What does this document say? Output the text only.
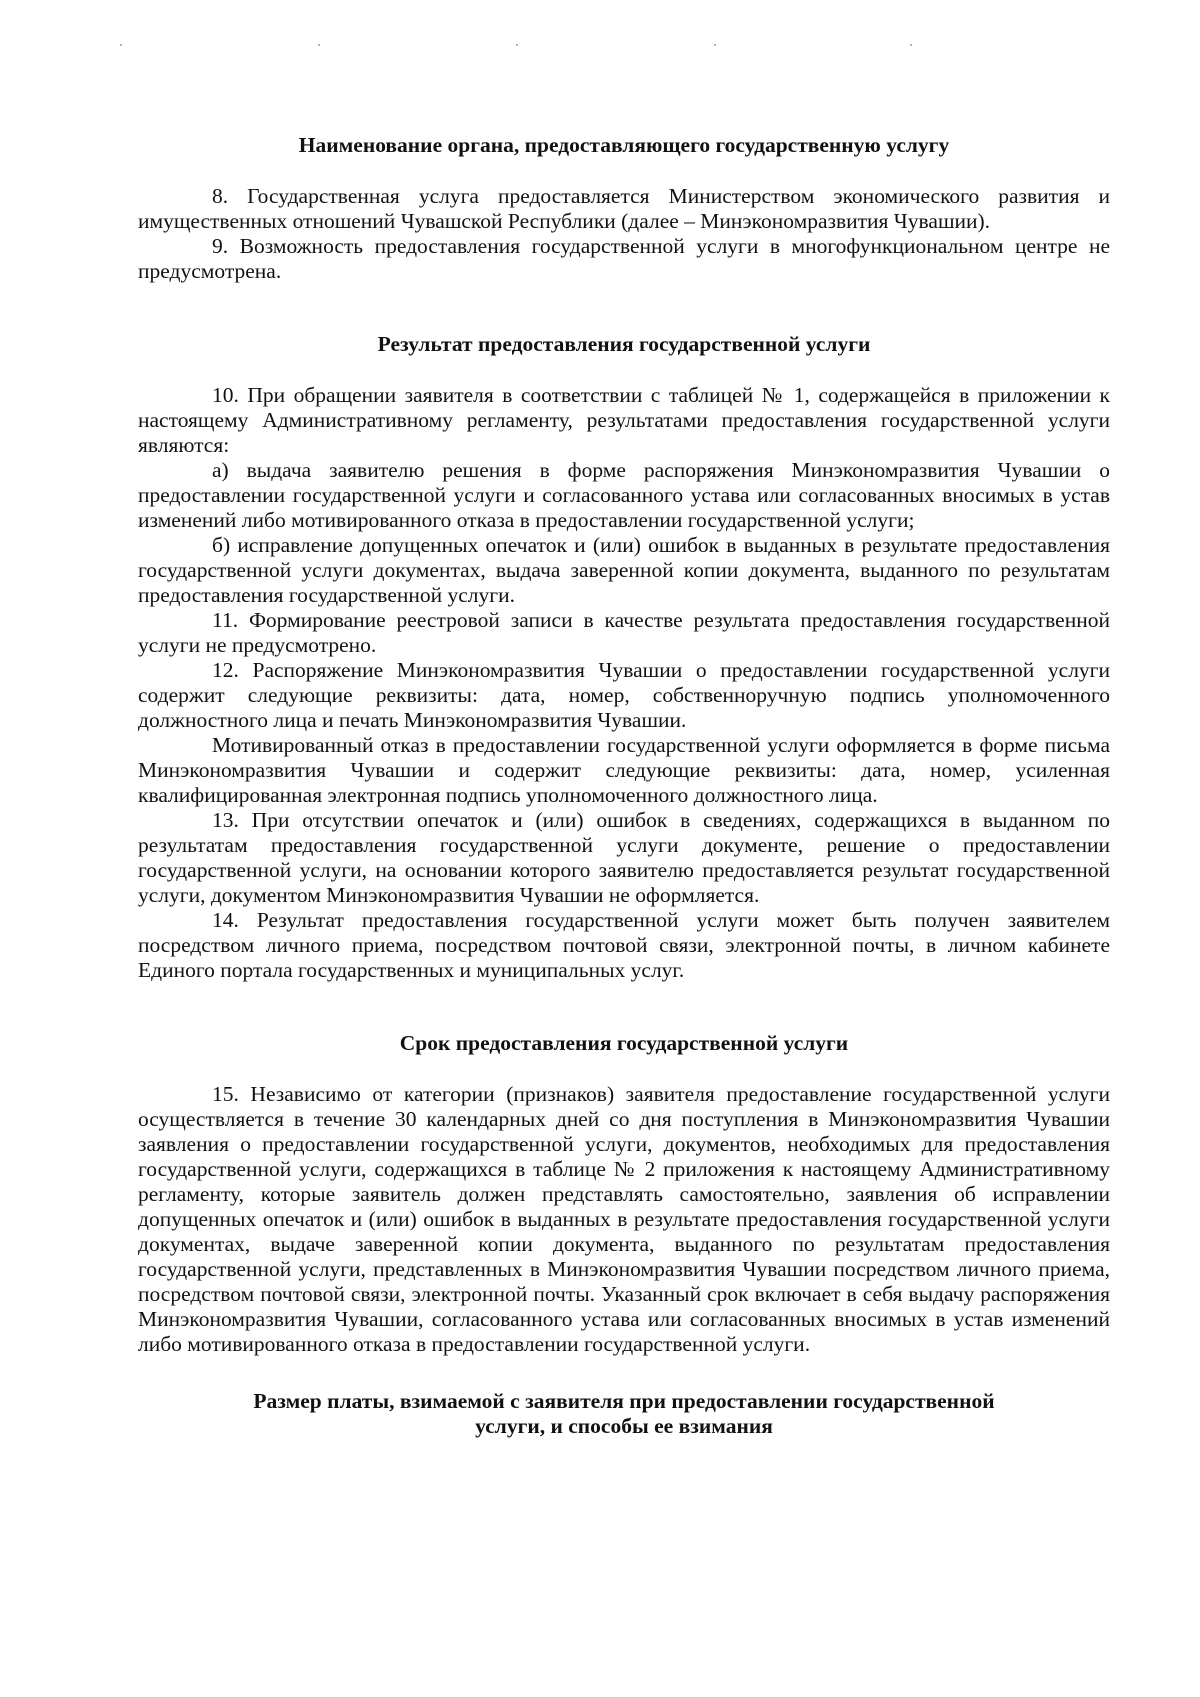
Наименование органа, предоставляющего государственную услугу

8. Государственная услуга предоставляется Министерством экономического развития и имущественных отношений Чувашской Республики (далее – Минэкономразвития Чувашии).

9. Возможность предоставления государственной услуги в многофункциональном центре не предусмотрена.

Результат предоставления государственной услуги

10. При обращении заявителя в соответствии с таблицей № 1, содержащейся в приложении к настоящему Административному регламенту, результатами предоставления государственной услуги являются:

а) выдача заявителю решения в форме распоряжения Минэкономразвития Чувашии о предоставлении государственной услуги и согласованного устава или согласованных вносимых в устав изменений либо мотивированного отказа в предоставлении государственной услуги;

б) исправление допущенных опечаток и (или) ошибок в выданных в результате предоставления государственной услуги документах, выдача заверенной копии документа, выданного по результатам предоставления государственной услуги.

11. Формирование реестровой записи в качестве результата предоставления государственной услуги не предусмотрено.

12. Распоряжение Минэкономразвития Чувашии о предоставлении государственной услуги содержит следующие реквизиты: дата, номер, собственноручную подпись уполномоченного должностного лица и печать Минэкономразвития Чувашии.

Мотивированный отказ в предоставлении государственной услуги оформляется в форме письма Минэкономразвития Чувашии и содержит следующие реквизиты: дата, номер, усиленная квалифицированная электронная подпись уполномоченного должностного лица.

13. При отсутствии опечаток и (или) ошибок в сведениях, содержащихся в выданном по результатам предоставления государственной услуги документе, решение о предоставлении государственной услуги, на основании которого заявителю предоставляется результат государственной услуги, документом Минэкономразвития Чувашии не оформляется.

14. Результат предоставления государственной услуги может быть получен заявителем посредством личного приема, посредством почтовой связи, электронной почты, в личном кабинете Единого портала государственных и муниципальных услуг.

Срок предоставления государственной услуги

15. Независимо от категории (признаков) заявителя предоставление государственной услуги осуществляется в течение 30 календарных дней со дня поступления в Минэкономразвития Чувашии заявления о предоставлении государственной услуги, документов, необходимых для предоставления государственной услуги, содержащихся в таблице № 2 приложения к настоящему Административному регламенту, которые заявитель должен представлять самостоятельно, заявления об исправлении допущенных опечаток и (или) ошибок в выданных в результате предоставления государственной услуги документах, выдаче заверенной копии документа, выданного по результатам предоставления государственной услуги, представленных в Минэкономразвития Чувашии посредством личного приема, посредством почтовой связи, электронной почты. Указанный срок включает в себя выдачу распоряжения Минэкономразвития Чувашии, согласованного устава или согласованных вносимых в устав изменений либо мотивированного отказа в предоставлении государственной услуги.

Размер платы, взимаемой с заявителя при предоставлении государственной
услуги, и способы ее взимания
